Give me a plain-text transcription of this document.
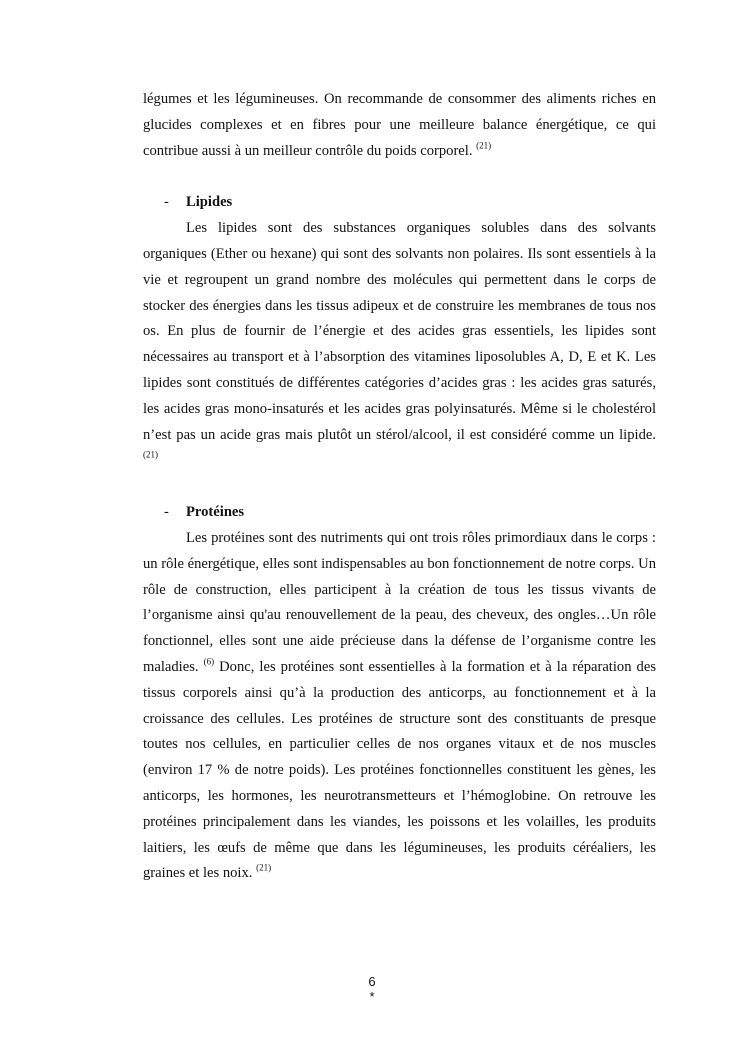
légumes et les légumineuses. On recommande de consommer des aliments riches en glucides complexes et en fibres pour une meilleure balance énergétique, ce qui contribue aussi à un meilleur contrôle du poids corporel. $^{(21)}$

-	Lipides

Les lipides sont des substances organiques solubles dans des solvants organiques (Ether ou hexane) qui sont des solvants non polaires. Ils sont essentiels à la vie et regroupent un grand nombre des molécules qui permettent dans le corps de stocker des énergies dans les tissus adipeux et de construire les membranes de tous nos os. En plus de fournir de l’énergie et des acides gras essentiels, les lipides sont nécessaires au transport et à l’absorption des vitamines liposolubles A, D, E et K. Les lipides sont constitués de différentes catégories d’acides gras : les acides gras saturés, les acides gras mono-insaturés et les acides gras polyinsaturés. Même si le cholestérol n’est pas un acide gras mais plutôt un stérol/alcool, il est considéré comme un lipide. $^{(21)}$

-	Protéines

Les protéines sont des nutriments qui ont trois rôles primordiaux dans le corps : un rôle énergétique, elles sont indispensables au bon fonctionnement de notre corps. Un rôle de construction, elles participent à la création de tous les tissus vivants de l’organisme ainsi qu'au renouvellement de la peau, des cheveux, des ongles…Un rôle fonctionnel, elles sont une aide précieuse dans la défense de l’organisme contre les maladies. $^{(6)}$ Donc, les protéines sont essentielles à la formation et à la réparation des tissus corporels ainsi qu’à la production des anticorps, au fonctionnement et à la croissance des cellules. Les protéines de structure sont des constituants de presque toutes nos cellules, en particulier celles de nos organes vitaux et de nos muscles (environ 17 % de notre poids). Les protéines fonctionnelles constituent les gènes, les anticorps, les hormones, les neurotransmetteurs et l’hémoglobine. On retrouve les protéines principalement dans les viandes, les poissons et les volailles, les produits laitiers, les œufs de même que dans les légumineuses, les produits céréaliers, les graines et les noix. $^{(21)}$

6
*
